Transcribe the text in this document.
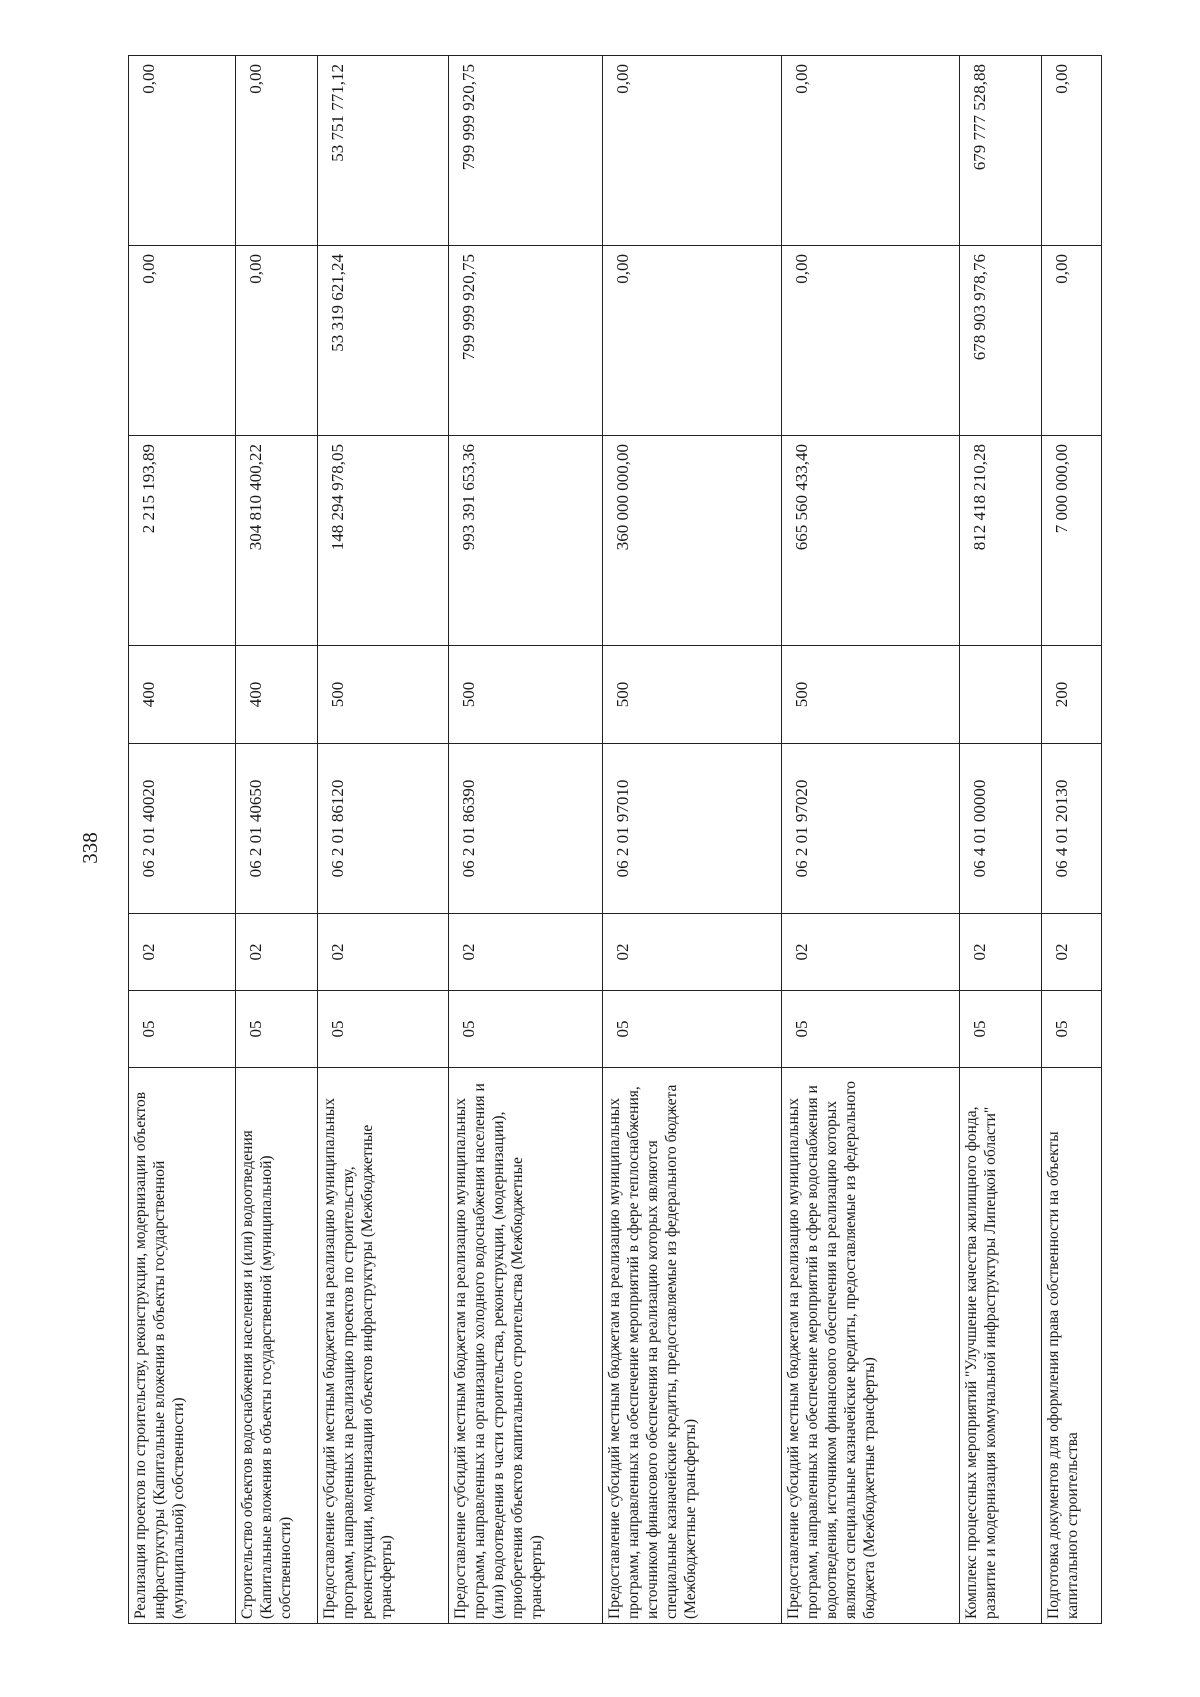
338
Реализация проектов по строительству, реконструкции, модернизации объектов инфраструктуры (Капитальные вложения в объекты государственной (муниципальной) собственности)	05	02	06 2 01 40020	400	2 215 193,89	0,00	0,00
Строительство объектов водоснабжения населения и (или) водоотведения (Капитальные вложения в объекты государственной (муниципальной) собственности)	05	02	06 2 01 40650	400	304 810 400,22	0,00	0,00
Предоставление субсидий местным бюджетам на реализацию муниципальных программ, направленных на реализацию проектов по строительству, реконструкции, модернизации объектов инфраструктуры (Межбюджетные трансферты)	05	02	06 2 01 86120	500	148 294 978,05	53 319 621,24	53 751 771,12
Предоставление субсидий местным бюджетам на реализацию муниципальных программ, направленных на организацию холодного водоснабжения населения и (или) водоотведения в части строительства, реконструкции, (модернизации), приобретения объектов капитального строительства (Межбюджетные трансферты)	05	02	06 2 01 86390	500	993 391 653,36	799 999 920,75	799 999 920,75
Предоставление субсидий местным бюджетам на реализацию муниципальных программ, направленных на обеспечение мероприятий в сфере теплоснабжения, источником финансового обеспечения на реализацию которых являются специальные казначейские кредиты, предоставляемые из федерального бюджета (Межбюджетные трансферты)	05	02	06 2 01 97010	500	360 000 000,00	0,00	0,00
Предоставление субсидий местным бюджетам на реализацию муниципальных программ, направленных на обеспечение мероприятий в сфере водоснабжения и водоотведения, источником финансового обеспечения на реализацию которых являются специальные казначейские кредиты, предоставляемые из федерального бюджета (Межбюджетные трансферты)	05	02	06 2 01 97020	500	665 560 433,40	0,00	0,00
Комплекс процессных мероприятий "Улучшение качества жилищного фонда, развитие и модернизация коммунальной инфраструктуры Липецкой области"	05	02	06 4 01 00000		812 418 210,28	678 903 978,76	679 777 528,88
Подготовка документов для оформления права собственности на объекты капитального строительства	05	02	06 4 01 20130	200	7 000 000,00	0,00	0,00
